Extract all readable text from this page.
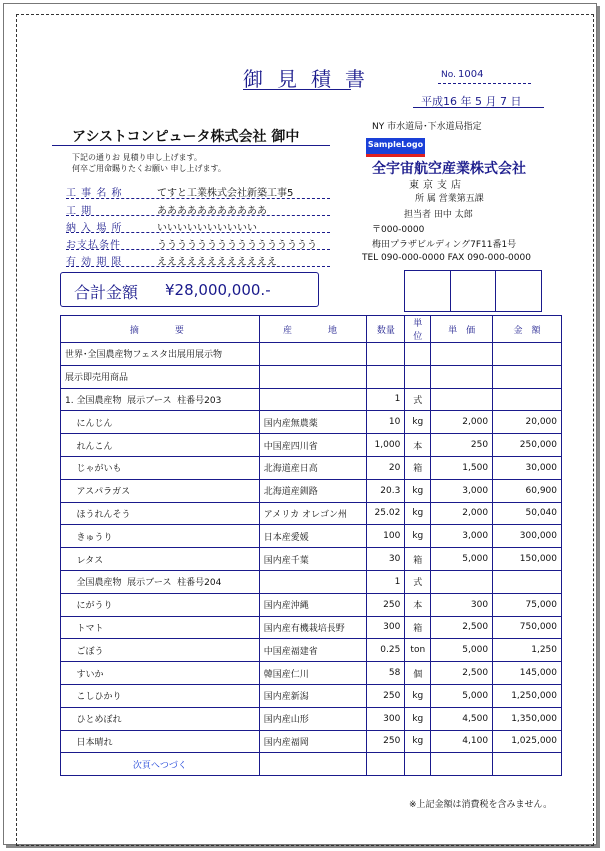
御見積書	No. 1004
平成16 年 5 月 7 日
アシストコンピュータ株式会社 御中
下記の通りお 見積り申し上げます。
何卒ご用命賜りたくお願い 申し上げます。
工 事 名 称	てすと工業株式会社新築工事5
工 期	あああああああああああ
納 入 場 所	いいいいいいいいいい
お支払条件	うううううううううううううううう
有 効 期 限	ええええええええええええ
NY 市水道局･下水道局指定
SampleLogo
全宇宙航空産業株式会社
東京支店
所 属 営業第五課
担当者 田中 太郎
〒000-0000
梅田プラザビルディング7F11番1号
TEL 090-000-0000 FAX 090-000-0000
合計金額 ¥28,000,000.-
摘　　要	産　　地	数量	単位	単　価	金　額
世界･全国農産物フェスタ出展用展示物					
展示即売用商品					
1. 全国農産物  展示ブース  柱番号203		1	式		
にんじん	国内産無農薬	10	kg	2,000	20,000
れんこん	中国産四川省	1,000	本	250	250,000
じゃがいも	北海道産日高	20	箱	1,500	30,000
アスパラガス	北海道産釧路	20.3	kg	3,000	60,900
ほうれんそう	アメリカ オレゴン州	25.02	kg	2,000	50,040
きゅうり	日本産愛媛	100	kg	3,000	300,000
レタス	国内産千葉	30	箱	5,000	150,000
全国農産物  展示ブース  柱番号204		1	式		
にがうり	国内産沖縄	250	本	300	75,000
トマト	国内産有機栽培長野	300	箱	2,500	750,000
ごぼう	中国産福建省	0.25	ton	5,000	1,250
すいか	韓国産仁川	58	個	2,500	145,000
こしひかり	国内産新潟	250	kg	5,000	1,250,000
ひとめぼれ	国内産山形	300	kg	4,500	1,350,000
日本晴れ	国内産福岡	250	kg	4,100	1,025,000
次頁へつづく					
※上記金額は消費税を含みません。
